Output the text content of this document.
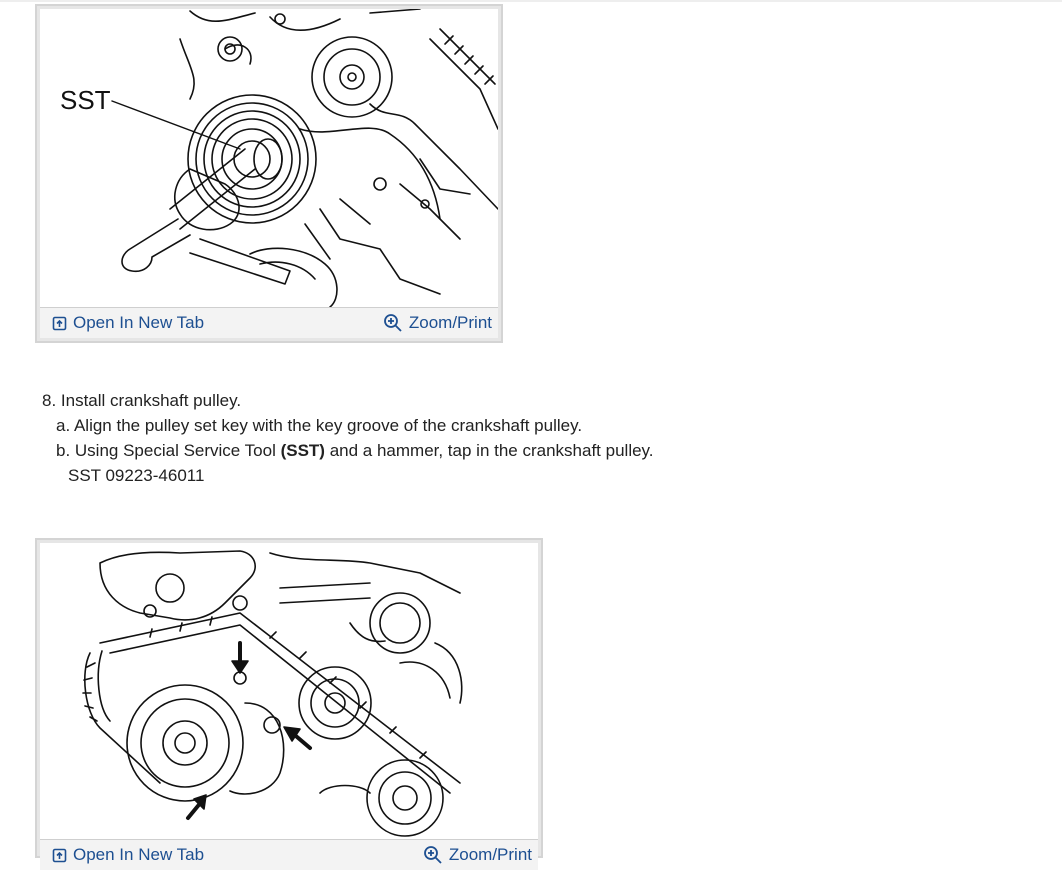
SST
Open In New Tab	Zoom/Print
8. Install crankshaft pulley.
a. Align the pulley set key with the key groove of the crankshaft pulley.
b. Using Special Service Tool (SST) and a hammer, tap in the crankshaft pulley.
SST 09223-46011
Open In New Tab	Zoom/Print
